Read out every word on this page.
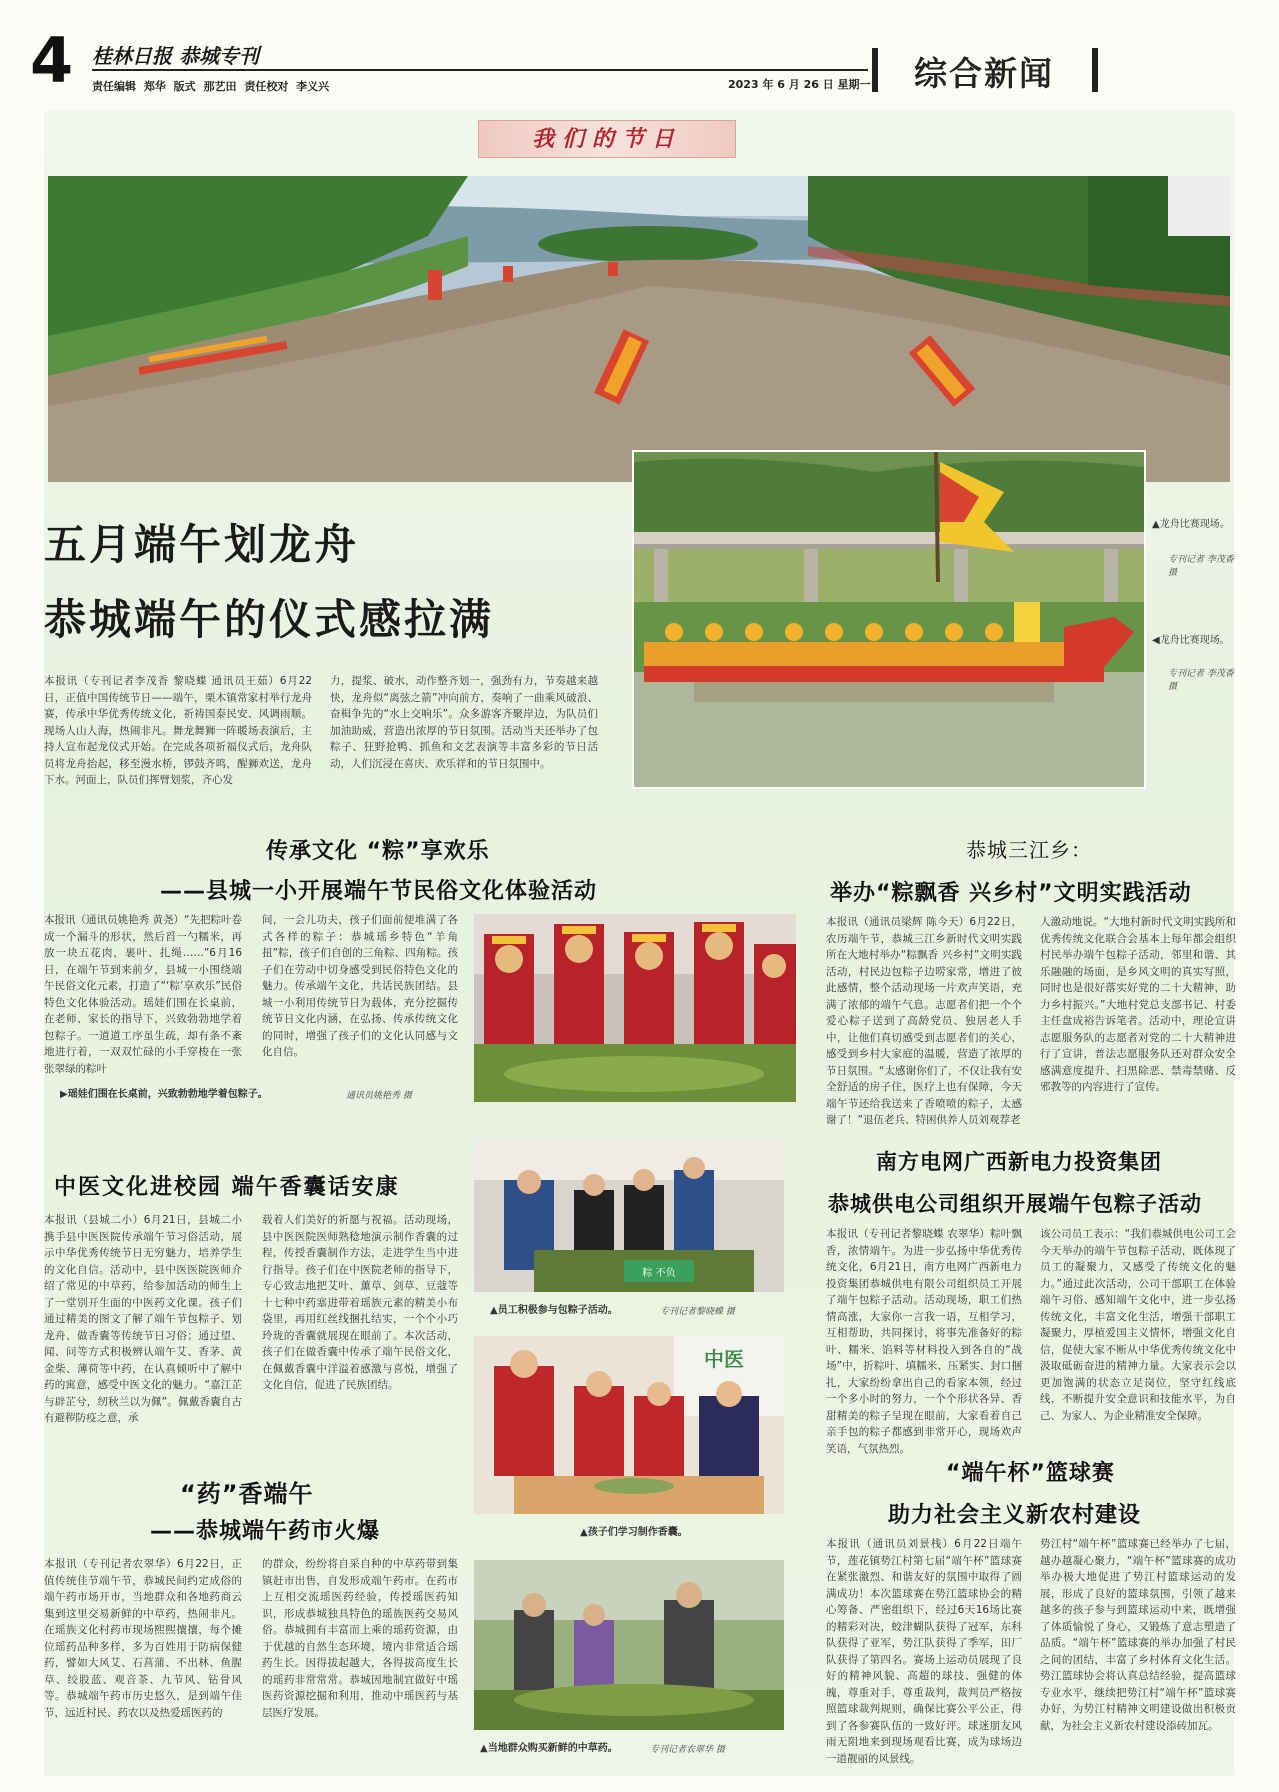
4 桂林日报 恭城专刊
责任编辑 郑华 版式 那艺田 责任校对 李义兴	2023 年 6 月 26 日 星期一 综合新闻
我们的节日
▲龙舟比赛现场。
专刊记者 李茂香 摄
◀龙舟比赛现场。
专刊记者 李茂香 摄
五月端午划龙舟
恭城端午的仪式感拉满
本报讯（专刊记者李茂香 黎晓蝶 通讯员王茹）6月22日，正值中国传统节日——端午，栗木镇常家村举行龙舟赛，传承中华优秀传统文化，祈祷国泰民安、风调雨顺。现场人山人海，热闹非凡。舞龙舞狮一阵暖场表演后，主持人宣布起龙仪式开始。在完成各项祈福仪式后，龙舟队员将龙舟抬起，移至漫水桥，锣鼓齐鸣，醒狮欢送，龙舟下水。河面上，队员们挥臂划浆，齐心发
力，提浆、破水，动作整齐划一，强劲有力，节奏越来越快，龙舟似“离弦之箭”冲向前方，奏响了一曲乘风破浪、奋楫争先的“水上交响乐”。众多游客齐聚岸边，为队员们加油助威，营造出浓厚的节日氛围。活动当天还举办了包粽子、狂野抢鸭、抓鱼和文艺表演等丰富多彩的节日活动，人们沉浸在喜庆、欢乐祥和的节日氛围中。
传承文化 “粽”享欢乐
——县城一小开展端午节民俗文化体验活动
本报讯（通讯员姚艳秀 黄尧）“先把粽叶卷成一个漏斗的形状，然后舀一勺糯米，再放一块五花肉，裹叶、扎绳……”6月16日，在端午节到来前夕，县城一小围绕端午民俗文化元素，打造了“‘粽’享欢乐”民俗特色文化体验活动。瑶娃们围在长桌前，在老师、家长的指导下，兴致勃勃地学着包粽子。一道道工序虽生疏，却有条不紊地进行着，一双双忙碌的小手穿梭在一张张翠绿的粽叶
间，一会儿功夫，孩子们面前便堆满了各式各样的粽子：恭城瑶乡特色“羊角扭”粽，孩子们自创的三角粽、四角粽。孩子们在劳动中切身感受到民俗特色文化的魅力。传承端午文化，共话民族团结。县城一小利用传统节日为载体，充分挖掘传统节日文化内涵，在弘扬、传承传统文化的同时，增强了孩子们的文化认同感与文化自信。
▶瑶娃们围在长桌前，兴致勃勃地学着包粽子。	通讯员姚艳秀 摄
恭城三江乡：
举办“粽飘香 兴乡村”文明实践活动
本报讯（通讯员梁辉 陈今天）6月22日，农历端午节，恭城三江乡新时代文明实践所在大地村举办“粽飘香 兴乡村”文明实践活动，村民边包粽子边唠家常，增进了彼此感情，整个活动现场一片欢声笑语，充满了浓郁的端午气息。志愿者们把一个个爱心粽子送到了高龄党员、独居老人手中，让他们真切感受到志愿者们的关心，感受到乡村大家庭的温暖，营造了浓厚的节日氛围。“太感谢你们了，不仅让我有安全舒适的房子住，医疗上也有保障，今天端午节还给我送来了香喷喷的粽子，太感谢了！”退伍老兵、特困供养人员刘观荐老
人激动地说。“大地村新时代文明实践所和优秀传统文化联合会基本上每年都会组织村民举办端午包粽子活动，邻里和谐、其乐融融的场面，是乡风文明的真实写照，同时也是很好落实好党的二十大精神，助力乡村振兴。”大地村党总支部书记、村委主任盘成裕告诉笔者。活动中，理论宣讲志愿服务队的志愿者对党的二十大精神进行了宣讲，普法志愿服务队还对群众安全感满意度提升、扫黑除恶、禁毒禁赌、反邪教等的内容进行了宣传。
中医文化进校园 端午香囊话安康
本报讯（县城二小）6月21日，县城二小携手县中医医院传承端午节习俗活动，展示中华优秀传统节日无穷魅力，培养学生的文化自信。活动中，县中医医院医师介绍了常见的中草药，给参加活动的师生上了一堂别开生面的中医药文化课。孩子们通过精美的图文了解了端午节包粽子、划龙舟、做香囊等传统节日习俗；通过望、闻、问等方式积极辨认端午艾、香茅、黄金柴、薄荷等中药，在认真倾听中了解中药的寓意，感受中医文化的魅力。“嘉江芷与辟芷兮，纫秋兰以为佩”。佩戴香囊自古有避秽防疫之意，承
载着人们美好的祈愿与祝福。活动现场，县中医医院医师熟稔地演示制作香囊的过程，传授香囊制作方法，走进学生当中进行指导。孩子们在中医院老师的指导下，专心致志地把艾叶、薰草、剑草、豆蔻等十七种中药塞进带着瑶族元素的精美小布袋里，再用红丝线捆扎结实，一个个小巧玲珑的香囊就展现在眼前了。本次活动，孩子们在做香囊中传承了端午民俗文化，在佩戴香囊中洋溢着感激与喜悦，增强了文化自信，促进了民族团结。
粽 不负
▲员工积极参与包粽子活动。	专刊记者黎晓蝶 摄
中医
▲孩子们学习制作香囊。
“药”香端午
——恭城端午药市火爆
本报讯（专刊记者农翠华）6月22日，正值传统佳节端午节，恭城民间约定成俗的端午药市场开市，当地群众和各地药商云集到这里交易新鲜的中草药，热闹非凡。在瑶族文化村药市现场熙熙攘攘，每个摊位瑶药品种多样，多为百姓用于防病保健药，譬如大风艾、石菖蒲、不出林、鱼腥草、绞股蓝、观音茶、九节风、钻骨风等。恭城端午药市历史悠久，是到端午佳节，远近村民、药农以及热爱瑶医药的
的群众，纷纷将自采自种的中草药带到集镇赶市出售，自发形成端午药市。在药市上互相交流瑶医药经验，传授瑶医药知识，形成恭城独具特色的瑶族医药交易风俗。恭城拥有丰富而上乘的瑶药资源，由于优越的自然生态环境，境内非常适合瑶药生长。因得拔起越大，各得拔高度生长的瑶药非常常常。恭城因地制宜做好中瑶医药资源挖掘和利用，推动中瑶医药与基层医疗发展。
▲当地群众购买新鲜的中草药。	专刊记者农翠华 摄
南方电网广西新电力投资集团
恭城供电公司组织开展端午包粽子活动
本报讯（专刊记者黎晓蝶 农翠华）粽叶飘香，浓情端午。为进一步弘扬中华优秀传统文化，6月21日，南方电网广西新电力投资集团恭城供电有限公司组织员工开展了端午包粽子活动。活动现场，职工们热情高涨，大家你一言我一语，互相学习，互相帮助，共同探讨，将事先准备好的粽叶、糯米、馅料等材料投入到各自的“战场”中，折粽叶、填糯米、压紧实、封口捆扎，大家纷纷拿出自己的看家本领，经过一个多小时的努力，一个个形状各异、香甜精美的粽子呈现在眼前，大家看着自己亲手包的粽子都感到非常开心，现场欢声笑语，气氛热烈。
该公司员工表示：“我们恭城供电公司工会今天举办的端午节包粽子活动，既体现了员工的凝聚力，又感受了传统文化的魅力。”通过此次活动，公司干部职工在体验端午习俗、感知端午文化中，进一步弘扬传统文化，丰富文化生活，增强干部职工凝聚力，厚植爱国主义情怀，增强文化自信，促使大家不断从中华优秀传统文化中汲取砥砺奋进的精神力量。大家表示会以更加饱满的状态立足岗位，坚守红线底线，不断提升安全意识和技能水平，为自己、为家人、为企业精准安全保障。
“端午杯”篮球赛
助力社会主义新农村建设
本报讯（通讯员刘景栈）6月22日端午节，莲花镇势江村第七届“端午杯”篮球赛在紧张激烈、和谐友好的氛围中取得了圆满成功！本次篮球赛在势江篮球协会的精心筹备、严密组织下，经过6天16场比赛的精彩对决，蛟津蝴队获得了冠军，东科队获得了亚军，势江队获得了季军，田厂队获得了第四名。赛场上运动员展现了良好的精神风貌、高超的球技、强健的体魄，尊重对手，尊重裁判，裁判员严格按照篮球裁判规则，确保比赛公平公正，得到了各参赛队伍的一致好评。球迷朋友风雨无阻地来到现场观看比赛，成为球场边一道靓丽的风景线。
势江村“端午杯”篮球赛已经举办了七届，越办越凝心聚力，“端午杯”篮球赛的成功举办极大地促进了势江村篮球运动的发展，形成了良好的篮球氛围，引领了越来越多的孩子参与到篮球运动中来，既增强了体质愉悦了身心，又锻炼了意志塑造了品质。“端午杯”篮球赛的举办加强了村民之间的团结，丰富了乡村体育文化生活。势江篮球协会将认真总结经验，提高篮球专业水平，继续把势江村“端午杯”篮球赛办好，为势江村精神文明建设做出积极贡献，为社会主义新农村建设添砖加瓦。
